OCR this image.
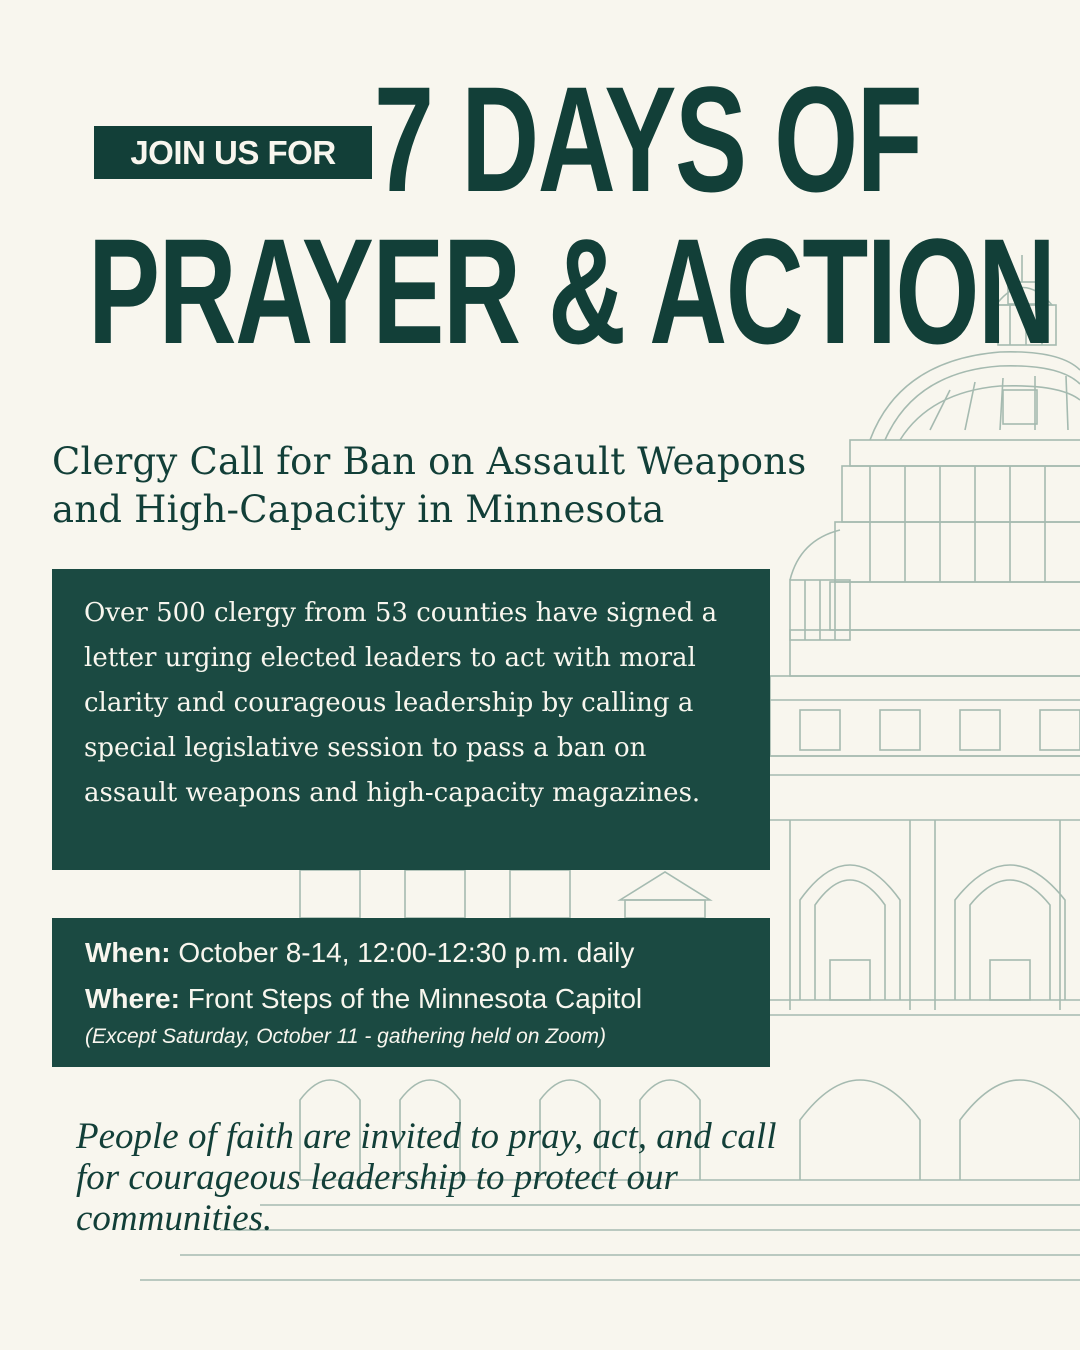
JOIN US FOR 7 DAYS OF
PRAYER & ACTION
Clergy Call for Ban on Assault Weapons
and High-Capacity in Minnesota
Over 500 clergy from 53 counties have signed a letter urging elected leaders to act with moral clarity and courageous leadership by calling a special legislative session to pass a ban on assault weapons and high-capacity magazines.
When: October 8-14, 12:00-12:30 p.m. daily
Where: Front Steps of the Minnesota Capitol
(Except Saturday, October 11 - gathering held on Zoom)
People of faith are invited to pray, act, and call for courageous leadership to protect our communities.
